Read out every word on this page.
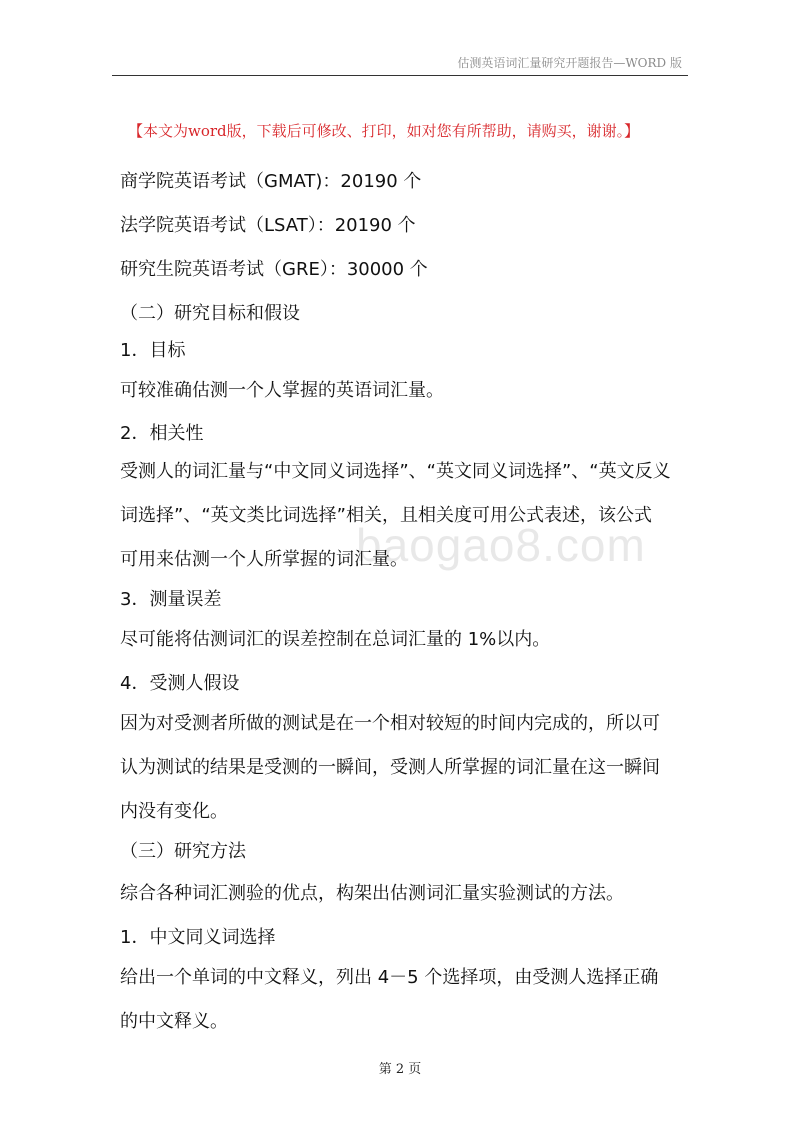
估测英语词汇量研究开题报告—WORD 版
【本文为word版，下载后可修改、打印，如对您有所帮助，请购买，谢谢。】
商学院英语考试（GMAT)：20190 个
法学院英语考试（LSAT）：20190 个
研究生院英语考试（GRE）：30000 个
（二）研究目标和假设
1．目标
可较准确估测一个人掌握的英语词汇量。
2．相关性
受测人的词汇量与“中文同义词选择”、“英文同义词选择”、“英文反义
词选择”、“英文类比词选择”相关，且相关度可用公式表述，该公式
可用来估测一个人所掌握的词汇量。
3．测量误差
尽可能将估测词汇的误差控制在总词汇量的 1%以内。
4．受测人假设
因为对受测者所做的测试是在一个相对较短的时间内完成的，所以可
认为测试的结果是受测的一瞬间，受测人所掌握的词汇量在这一瞬间
内没有变化。
（三）研究方法
综合各种词汇测验的优点，构架出估测词汇量实验测试的方法。
1．中文同义词选择
给出一个单词的中文释义，列出 4－5 个选择项，由受测人选择正确
的中文释义。
baogao8.com
第 2 页
